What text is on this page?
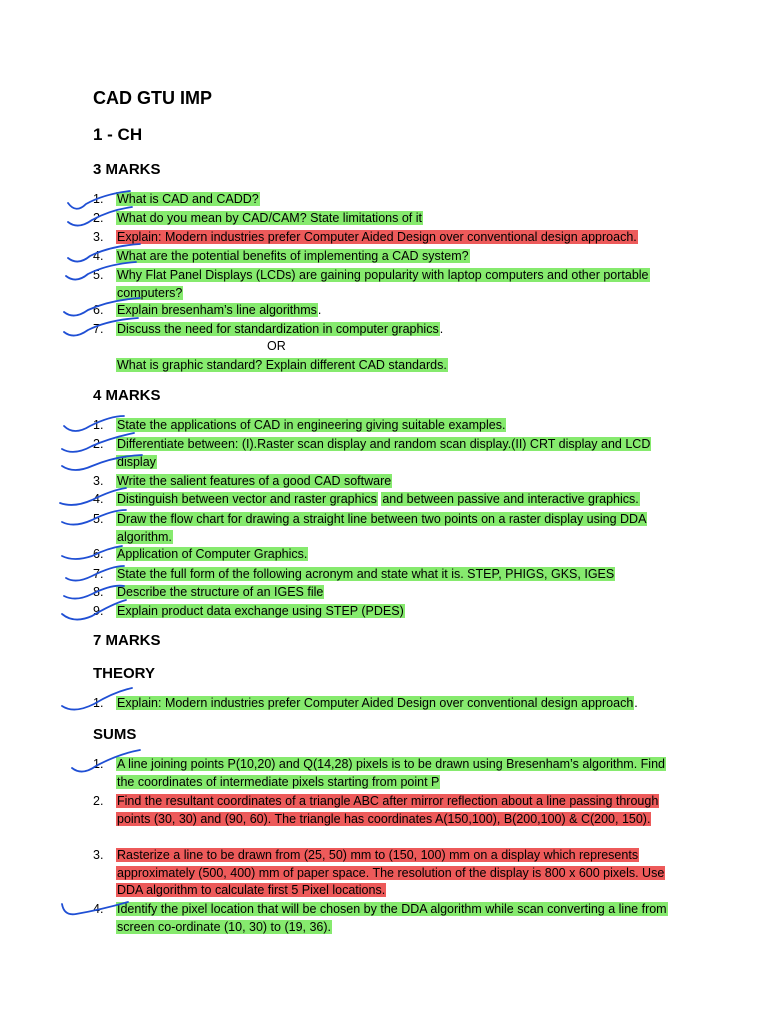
CAD GTU IMP
1 - CH
3 MARKS
1.	What is CAD and CADD?
2.	What do you mean by CAD/CAM? State limitations of it
3.	Explain: Modern industries prefer Computer Aided Design over conventional design approach.
4.	What are the potential benefits of implementing a CAD system?
5.	Why Flat Panel Displays (LCDs) are gaining popularity with laptop computers and other portable computers?
6.	Explain bresenham’s line algorithms.
7.	Discuss the need for standardization in computer graphics.
OR
What is graphic standard? Explain different CAD standards.
4 MARKS
1.	State the applications of CAD in engineering giving suitable examples.
2.	Differentiate between: (I).Raster scan display and random scan display.(II) CRT display and LCD display
3.	Write the salient features of a good CAD software
4.	Distinguish between vector and raster graphics and between passive and interactive graphics.
5.	Draw the flow chart for drawing a straight line between two points on a raster display using DDA algorithm.
6.	Application of Computer Graphics.
7.	State the full form of the following acronym and state what it is. STEP, PHIGS, GKS, IGES
8.	Describe the structure of an IGES file
9.	Explain product data exchange using STEP (PDES)
7 MARKS
THEORY
1.	Explain: Modern industries prefer Computer Aided Design over conventional design approach.
SUMS
1.	A line joining points P(10,20) and Q(14,28) pixels is to be drawn using Bresenham’s algorithm. Find the coordinates of intermediate pixels starting from point P
2.	Find the resultant coordinates of a triangle ABC after mirror reflection about a line passing through points (30, 30) and (90, 60). The triangle has coordinates A(150,100), B(200,100) & C(200, 150).
3.	Rasterize a line to be drawn from (25, 50) mm to (150, 100) mm on a display which represents approximately (500, 400) mm of paper space. The resolution of the display is 800 x 600 pixels. Use DDA algorithm to calculate first 5 Pixel locations.
4.	Identify the pixel location that will be chosen by the DDA algorithm while scan converting a line from screen co-ordinate (10, 30) to (19, 36).
